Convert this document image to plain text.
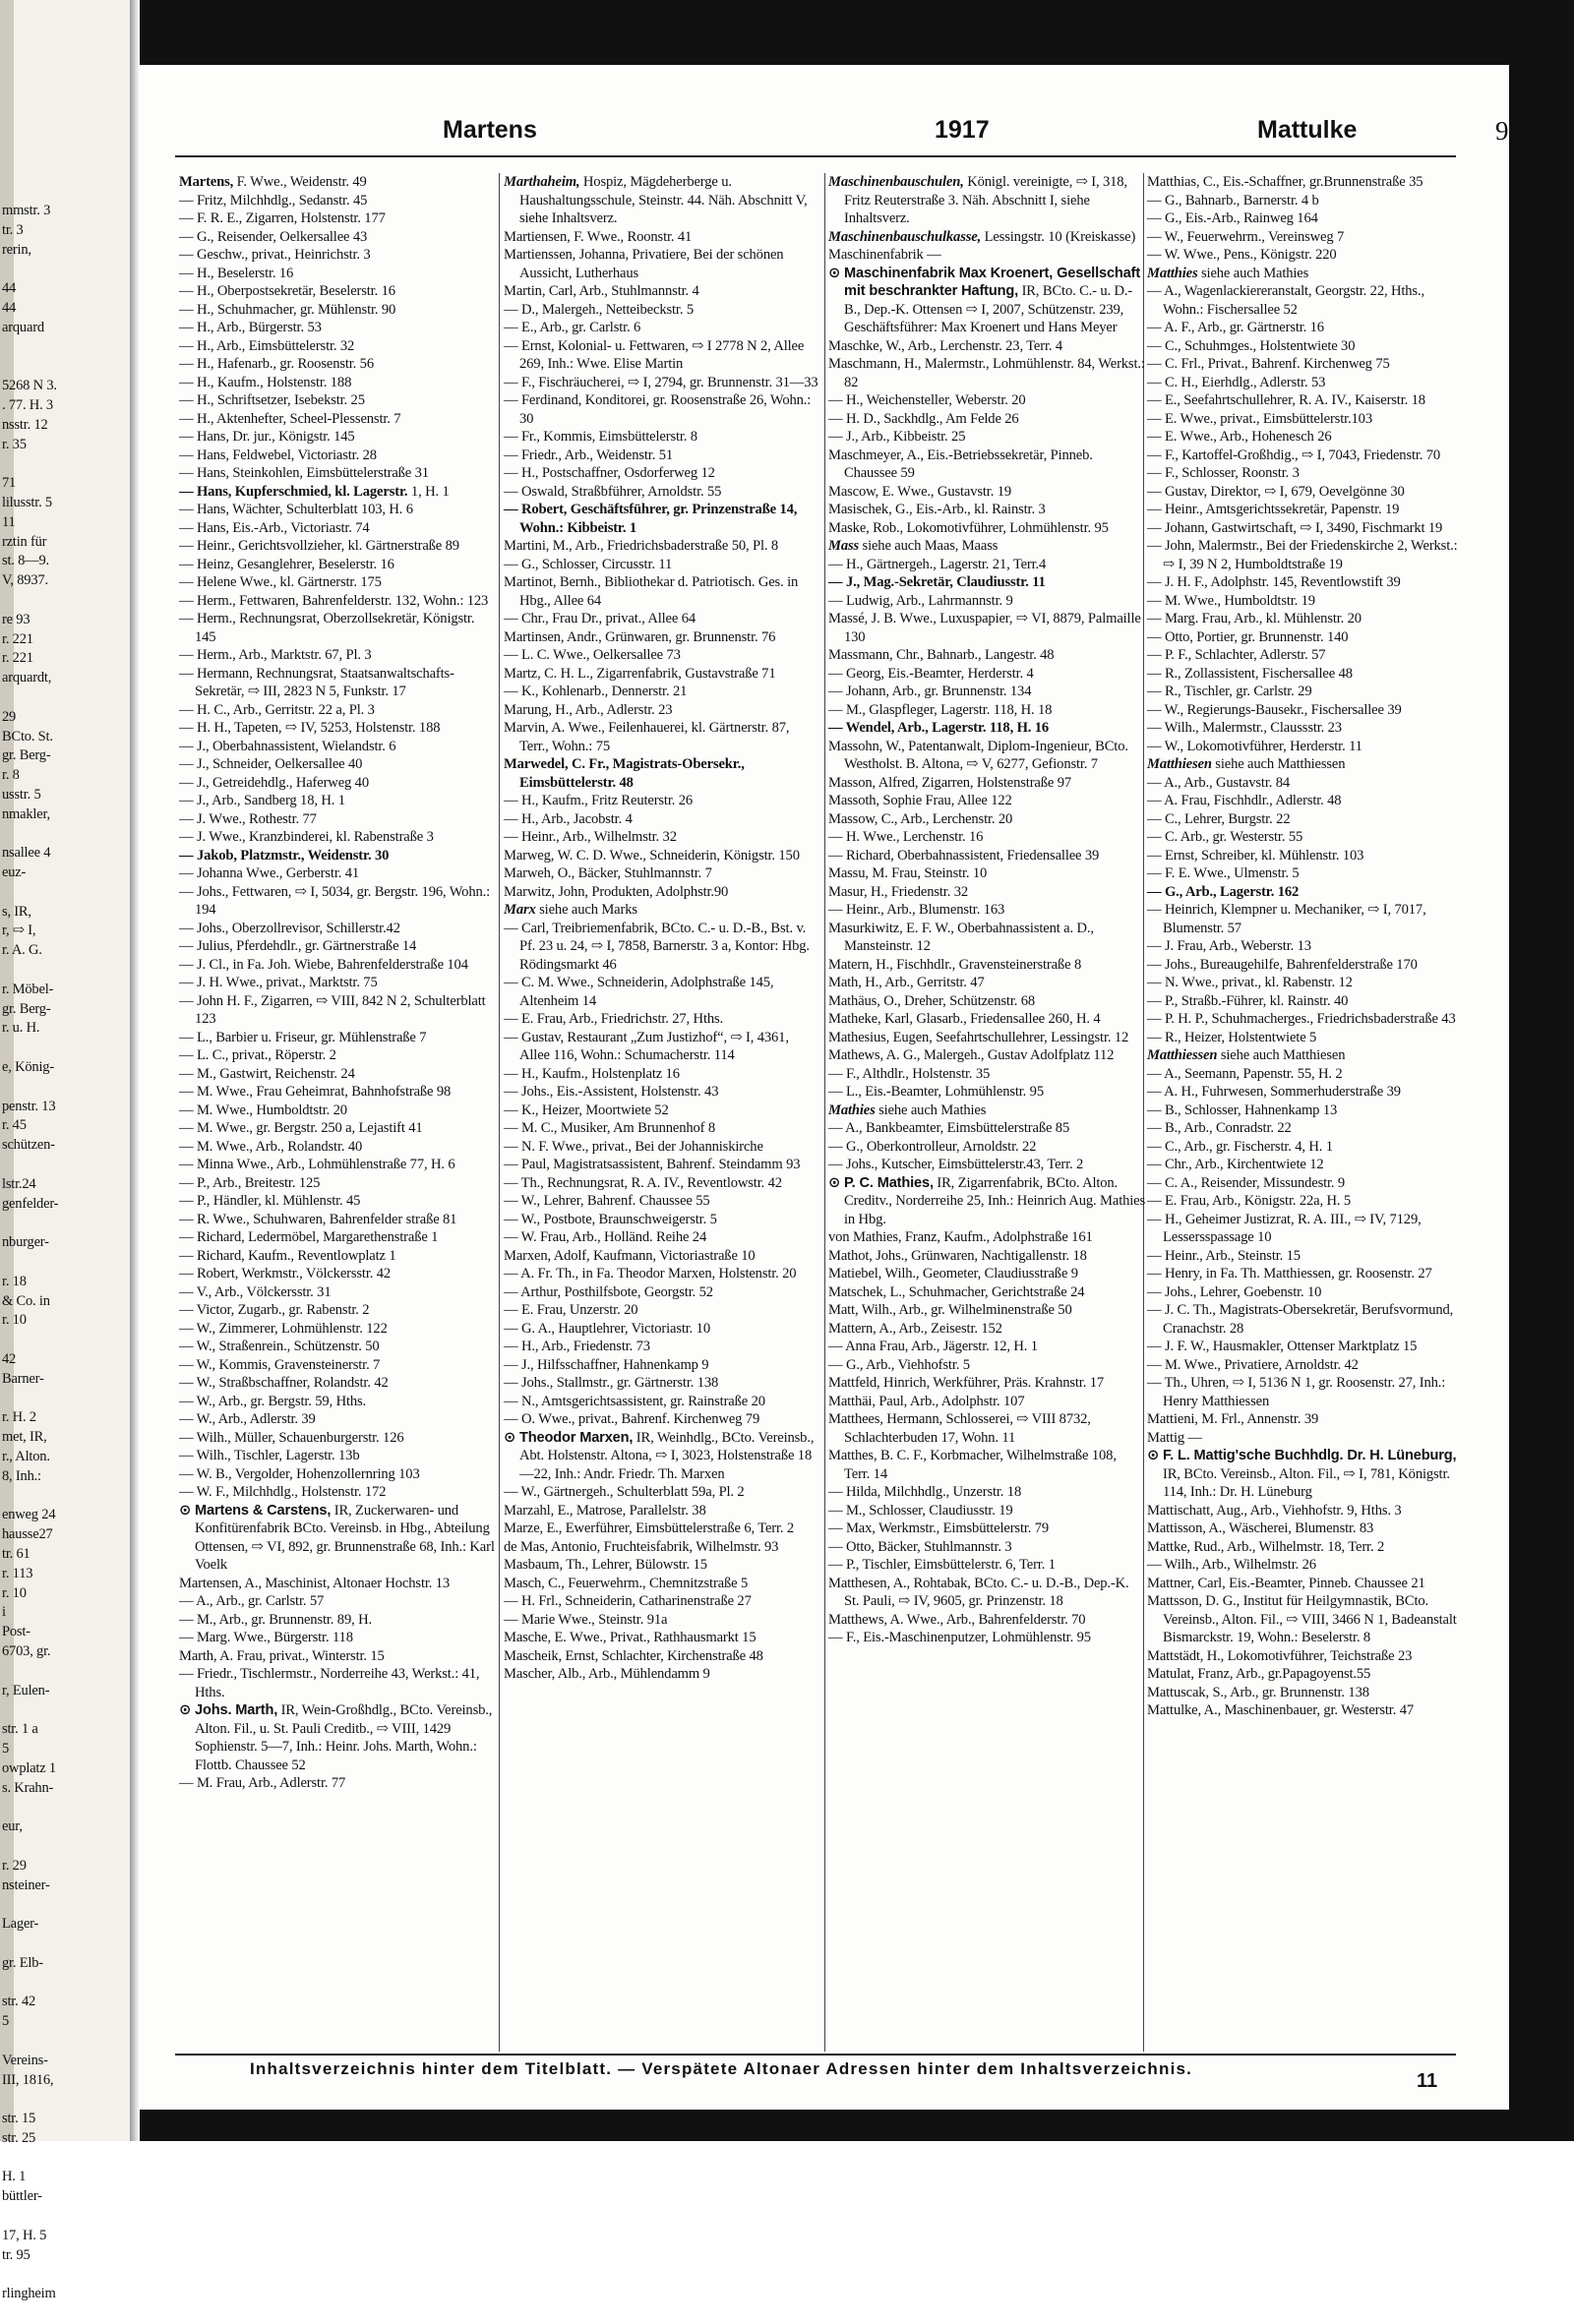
mmstr. 3
tr. 3
rerin,
44
44
arquard
5268 N 3.
. 77. H. 3
nsstr. 12
r. 35
71
lilusstr. 5
11
rztin für
st. 8—9.
V, 8937.
re 93
r. 221
r. 221
arquardt,
29
BCto. St.
gr. Berg-
r. 8
usstr. 5
nmakler,
nsallee 4
euz-
s, IR,
r, ⇨ I,
r. A. G.
r. Möbel-
gr. Berg-
r. u. H.
e, König-
penstr. 13
r. 45
schützen-
lstr.24
genfelder-
nburger-
r. 18
& Co. in
r. 10
42
Barner-
r. H. 2
met, IR,
r., Alton.
8, Inh.:
enweg 24
hausse27
tr. 61
r. 113
r. 10
i
Post-
6703, gr.
r, Eulen-
str. 1 a
5
owplatz 1
s. Krahn-
eur,
r. 29
nsteiner-
Lager-
gr. Elb-
str. 42
5
Vereins-
III, 1816,
str. 15
str. 25
H. 1
büttler-
17, H. 5
tr. 95
rlingheim
Martens	1917	Mattulke	97—II
Martens, F. Wwe., Weidenstr. 49
— Fritz, Milchhdlg., Sedanstr. 45
— F. R. E., Zigarren, Holstenstr. 177
— G., Reisender, Oelkersallee 43
— Geschw., privat., Heinrichstr. 3
— H., Beselerstr. 16
— H., Oberpostsekretär, Beselerstr. 16
— H., Schuhmacher, gr. Mühlenstr. 90
— H., Arb., Bürgerstr. 53
— H., Arb., Eimsbüttelerstr. 32
— H., Hafenarb., gr. Roosenstr. 56
— H., Kaufm., Holstenstr. 188
— H., Schriftsetzer, Isebekstr. 25
— H., Aktenhefter, Scheel-Plessenstr. 7
— Hans, Dr. jur., Königstr. 145
— Hans, Feldwebel, Victoriastr. 28
— Hans, Steinkohlen, Eimsbüttelerstraße 31
— Hans, Kupferschmied, kl. Lagerstr. 1, H. 1
— Hans, Wächter, Schulterblatt 103, H. 6
— Hans, Eis.-Arb., Victoriastr. 74
— Heinr., Gerichtsvollzieher, kl. Gärtnerstraße 89
— Heinz, Gesanglehrer, Beselerstr. 16
— Helene Wwe., kl. Gärtnerstr. 175
— Herm., Fettwaren, Bahrenfelderstr. 132, Wohn.: 123
— Herm., Rechnungsrat, Oberzollsekretär, Königstr. 145
— Herm., Arb., Marktstr. 67, Pl. 3
— Hermann, Rechnungsrat, Staatsanwaltschafts-Sekretär, ⇨ III, 2823 N 5, Funkstr. 17
— H. C., Arb., Gerritstr. 22 a, Pl. 3
— H. H., Tapeten, ⇨ IV, 5253, Holstenstr. 188
— J., Oberbahnassistent, Wielandstr. 6
— J., Schneider, Oelkersallee 40
— J., Getreidehdlg., Haferweg 40
— J., Arb., Sandberg 18, H. 1
— J. Wwe., Rothestr. 77
— J. Wwe., Kranzbinderei, kl. Rabenstraße 3
— Jakob, Platzmstr., Weidenstr. 30
— Johanna Wwe., Gerberstr. 41
— Johs., Fettwaren, ⇨ I, 5034, gr. Bergstr. 196, Wohn.: 194
— Johs., Oberzollrevisor, Schillerstr.42
— Julius, Pferdehdlr., gr. Gärtnerstraße 14
— J. Cl., in Fa. Joh. Wiebe, Bahrenfelderstraße 104
— J. H. Wwe., privat., Marktstr. 75
— John H. F., Zigarren, ⇨ VIII, 842 N 2, Schulterblatt 123
— L., Barbier u. Friseur, gr. Mühlenstraße 7
— L. C., privat., Röperstr. 2
— M., Gastwirt, Reichenstr. 24
— M. Wwe., Frau Geheimrat, Bahnhofstraße 98
— M. Wwe., Humboldtstr. 20
— M. Wwe., gr. Bergstr. 250 a, Lejastift 41
— M. Wwe., Arb., Rolandstr. 40
— Minna Wwe., Arb., Lohmühlenstraße 77, H. 6
— P., Arb., Breitestr. 125
— P., Händler, kl. Mühlenstr. 45
— R. Wwe., Schuhwaren, Bahrenfelder straße 81
— Richard, Ledermöbel, Margarethenstraße 1
— Richard, Kaufm., Reventlowplatz 1
— Robert, Werkmstr., Völckersstr. 42
— V., Arb., Völckersstr. 31
— Victor, Zugarb., gr. Rabenstr. 2
— W., Zimmerer, Lohmühlenstr. 122
— W., Straßenrein., Schützenstr. 50
— W., Kommis, Gravensteinerstr. 7
— W., Straßbschaffner, Rolandstr. 42
— W., Arb., gr. Bergstr. 59, Hths.
— W., Arb., Adlerstr. 39
— Wilh., Müller, Schauenburgerstr. 126
— Wilh., Tischler, Lagerstr. 13b
— W. B., Vergolder, Hohenzollernring 103
— W. F., Milchhdlg., Holstenstr. 172
⊙ Martens & Carstens, IR, Zuckerwaren- und Konfitürenfabrik BCto. Vereinsb. in Hbg., Abteilung Ottensen, ⇨ VI, 892, gr. Brunnenstraße 68, Inh.: Karl Voelk
Martensen, A., Maschinist, Altonaer Hochstr. 13
— A., Arb., gr. Carlstr. 57
— M., Arb., gr. Brunnenstr. 89, H.
— Marg. Wwe., Bürgerstr. 118
Marth, A. Frau, privat., Winterstr. 15
— Friedr., Tischlermstr., Norderreihe 43, Werkst.: 41, Hths.
⊙ Johs. Marth, IR, Wein-Großhdlg., BCto. Vereinsb., Alton. Fil., u. St. Pauli Creditb., ⇨ VIII, 1429 Sophienstr. 5—7, Inh.: Heinr. Johs. Marth, Wohn.: Flottb. Chaussee 52
— M. Frau, Arb., Adlerstr. 77
Marthaheim, Hospiz, Mägdeherberge u. Haushaltungsschule, Steinstr. 44. Näh. Abschnitt V, siehe Inhaltsverz.
Martiensen, F. Wwe., Roonstr. 41
Martienssen, Johanna, Privatiere, Bei der schönen Aussicht, Lutherhaus
Martin, Carl, Arb., Stuhlmannstr. 4
— D., Malergeh., Netteibeckstr. 5
— E., Arb., gr. Carlstr. 6
— Ernst, Kolonial- u. Fettwaren, ⇨ I 2778 N 2, Allee 269, Inh.: Wwe. Elise Martin
— F., Fischräucherei, ⇨ I, 2794, gr. Brunnenstr. 31—33
— Ferdinand, Konditorei, gr. Roosenstraße 26, Wohn.: 30
— Fr., Kommis, Eimsbüttelerstr. 8
— Friedr., Arb., Weidenstr. 51
— H., Postschaffner, Osdorferweg 12
— Oswald, Straßbführer, Arnoldstr. 55
— Robert, Geschäftsführer, gr. Prinzenstraße 14, Wohn.: Kibbeistr. 1
Martini, M., Arb., Friedrichsbaderstraße 50, Pl. 8
— G., Schlosser, Circusstr. 11
Martinot, Bernh., Bibliothekar d. Patriotisch. Ges. in Hbg., Allee 64
— Chr., Frau Dr., privat., Allee 64
Martinsen, Andr., Grünwaren, gr. Brunnenstr. 76
— L. C. Wwe., Oelkersallee 73
Martz, C. H. L., Zigarrenfabrik, Gustavstraße 71
— K., Kohlenarb., Dennerstr. 21
Marung, H., Arb., Adlerstr. 23
Marvin, A. Wwe., Feilenhauerei, kl. Gärtnerstr. 87, Terr., Wohn.: 75
Marwedel, C. Fr., Magistrats-Obersekr., Eimsbüttelerstr. 48
— H., Kaufm., Fritz Reuterstr. 26
— H., Arb., Jacobstr. 4
— Heinr., Arb., Wilhelmstr. 32
Marweg, W. C. D. Wwe., Schneiderin, Königstr. 150
Marweh, O., Bäcker, Stuhlmannstr. 7
Marwitz, John, Produkten, Adolphstr.90
Marx siehe auch Marks
— Carl, Treibriemenfabrik, BCto. C.- u. D.-B., Bst. v. Pf. 23 u. 24, ⇨ I, 7858, Barnerstr. 3 a, Kontor: Hbg. Rödingsmarkt 46
— C. M. Wwe., Schneiderin, Adolphstraße 145, Altenheim 14
— E. Frau, Arb., Friedrichstr. 27, Hths.
— Gustav, Restaurant „Zum Justizhof“, ⇨ I, 4361, Allee 116, Wohn.: Schumacherstr. 114
— H., Kaufm., Holstenplatz 16
— Johs., Eis.-Assistent, Holstenstr. 43
— K., Heizer, Moortwiete 52
— M. C., Musiker, Am Brunnenhof 8
— N. F. Wwe., privat., Bei der Johanniskirche
— Paul, Magistratsassistent, Bahrenf. Steindamm 93
— Th., Rechnungsrat, R. A. IV., Reventlowstr. 42
— W., Lehrer, Bahrenf. Chaussee 55
— W., Postbote, Braunschweigerstr. 5
— W. Frau, Arb., Holländ. Reihe 24
Marxen, Adolf, Kaufmann, Victoriastraße 10
— A. Fr. Th., in Fa. Theodor Marxen, Holstenstr. 20
— Arthur, Posthilfsbote, Georgstr. 52
— E. Frau, Unzerstr. 20
— G. A., Hauptlehrer, Victoriastr. 10
— H., Arb., Friedenstr. 73
— J., Hilfsschaffner, Hahnenkamp 9
— Johs., Stallmstr., gr. Gärtnerstr. 138
— N., Amtsgerichtsassistent, gr. Rainstraße 20
— O. Wwe., privat., Bahrenf. Kirchenweg 79
⊙ Theodor Marxen, IR, Weinhdlg., BCto. Vereinsb., Abt. Holstenstr. Altona, ⇨ I, 3023, Holstenstraße 18—22, Inh.: Andr. Friedr. Th. Marxen
— W., Gärtnergeh., Schulterblatt 59a, Pl. 2
Marzahl, E., Matrose, Parallelstr. 38
Marze, E., Ewerführer, Eimsbüttelerstraße 6, Terr. 2
de Mas, Antonio, Fruchteisfabrik, Wilhelmstr. 93
Masbaum, Th., Lehrer, Bülowstr. 15
Masch, C., Feuerwehrm., Chemnitzstraße 5
— H. Frl., Schneiderin, Catharinenstraße 27
— Marie Wwe., Steinstr. 91a
Masche, E. Wwe., Privat., Rathhausmarkt 15
Mascheik, Ernst, Schlachter, Kirchenstraße 48
Mascher, Alb., Arb., Mühlendamm 9
Maschinenbauschulen, Königl. vereinigte, ⇨ I, 318, Fritz Reuterstraße 3. Näh. Abschnitt I, siehe Inhaltsverz.
Maschinenbauschulkasse, Lessingstr. 10 (Kreiskasse)
Maschinenfabrik —
⊙ Maschinenfabrik Max Kroenert, Gesellschaft mit beschrankter Haftung, IR, BCto. C.- u. D.-B., Dep.-K. Ottensen ⇨ I, 2007, Schützenstr. 239, Geschäftsführer: Max Kroenert und Hans Meyer
Maschke, W., Arb., Lerchenstr. 23, Terr. 4
Maschmann, H., Malermstr., Lohmühlenstr. 84, Werkst.: 82
— H., Weichensteller, Weberstr. 20
— H. D., Sackhdlg., Am Felde 26
— J., Arb., Kibbeistr. 25
Maschmeyer, A., Eis.-Betriebssekretär, Pinneb. Chaussee 59
Mascow, E. Wwe., Gustavstr. 19
Masischek, G., Eis.-Arb., kl. Rainstr. 3
Maske, Rob., Lokomotivführer, Lohmühlenstr. 95
Mass siehe auch Maas, Maass
— H., Gärtnergeh., Lagerstr. 21, Terr.4
— J., Mag.-Sekretär, Claudiusstr. 11
— Ludwig, Arb., Lahrmannstr. 9
Massé, J. B. Wwe., Luxuspapier, ⇨ VI, 8879, Palmaille 130
Massmann, Chr., Bahnarb., Langestr. 48
— Georg, Eis.-Beamter, Herderstr. 4
— Johann, Arb., gr. Brunnenstr. 134
— M., Glaspfleger, Lagerstr. 118, H. 18
— Wendel, Arb., Lagerstr. 118, H. 16
Massohn, W., Patentanwalt, Diplom-Ingenieur, BCto. Westholst. B. Altona, ⇨ V, 6277, Gefionstr. 7
Masson, Alfred, Zigarren, Holstenstraße 97
Massoth, Sophie Frau, Allee 122
Massow, C., Arb., Lerchenstr. 20
— H. Wwe., Lerchenstr. 16
— Richard, Oberbahnassistent, Friedensallee 39
Massu, M. Frau, Steinstr. 10
Masur, H., Friedenstr. 32
— Heinr., Arb., Blumenstr. 163
Masurkiwitz, E. F. W., Oberbahnassistent a. D., Mansteinstr. 12
Matern, H., Fischhdlr., Gravensteinerstraße 8
Math, H., Arb., Gerritstr. 47
Mathäus, O., Dreher, Schützenstr. 68
Matheke, Karl, Glasarb., Friedensallee 260, H. 4
Mathesius, Eugen, Seefahrtschullehrer, Lessingstr. 12
Mathews, A. G., Malergeh., Gustav Adolfplatz 112
— F., Althdlr., Holstenstr. 35
— L., Eis.-Beamter, Lohmühlenstr. 95
Mathies siehe auch Mathies
— A., Bankbeamter, Eimsbüttelerstraße 85
— G., Oberkontrolleur, Arnoldstr. 22
— Johs., Kutscher, Eimsbüttelerstr.43, Terr. 2
⊙ P. C. Mathies, IR, Zigarrenfabrik, BCto. Alton. Creditv., Norderreihe 25, Inh.: Heinrich Aug. Mathies in Hbg.
von Mathies, Franz, Kaufm., Adolphstraße 161
Mathot, Johs., Grünwaren, Nachtigallenstr. 18
Matiebel, Wilh., Geometer, Claudiusstraße 9
Matschek, L., Schuhmacher, Gerichtstraße 24
Matt, Wilh., Arb., gr. Wilhelminenstraße 50
Mattern, A., Arb., Zeisestr. 152
— Anna Frau, Arb., Jägerstr. 12, H. 1
— G., Arb., Viehhofstr. 5
Mattfeld, Hinrich, Werkführer, Präs. Krahnstr. 17
Matthäi, Paul, Arb., Adolphstr. 107
Matthees, Hermann, Schlosserei, ⇨ VIII 8732, Schlachterbuden 17, Wohn. 11
Matthes, B. C. F., Korbmacher, Wilhelmstraße 108, Terr. 14
— Hilda, Milchhdlg., Unzerstr. 18
— M., Schlosser, Claudiusstr. 19
— Max, Werkmstr., Eimsbüttelerstr. 79
— Otto, Bäcker, Stuhlmannstr. 3
— P., Tischler, Eimsbüttelerstr. 6, Terr. 1
Matthesen, A., Rohtabak, BCto. C.- u. D.-B., Dep.-K. St. Pauli, ⇨ IV, 9605, gr. Prinzenstr. 18
Matthews, A. Wwe., Arb., Bahrenfelderstr. 70
— F., Eis.-Maschinenputzer, Lohmühlenstr. 95
Matthias, C., Eis.-Schaffner, gr.Brunnenstraße 35
— G., Bahnarb., Barnerstr. 4 b
— G., Eis.-Arb., Rainweg 164
— W., Feuerwehrm., Vereinsweg 7
— W. Wwe., Pens., Königstr. 220
Matthies siehe auch Mathies
— A., Wagenlackiereranstalt, Georgstr. 22, Hths., Wohn.: Fischersallee 52
— A. F., Arb., gr. Gärtnerstr. 16
— C., Schuhmges., Holstentwiete 30
— C. Frl., Privat., Bahrenf. Kirchenweg 75
— C. H., Eierhdlg., Adlerstr. 53
— E., Seefahrtschullehrer, R. A. IV., Kaiserstr. 18
— E. Wwe., privat., Eimsbüttelerstr.103
— E. Wwe., Arb., Hohenesch 26
— F., Kartoffel-Großhdig., ⇨ I, 7043, Friedenstr. 70
— F., Schlosser, Roonstr. 3
— Gustav, Direktor, ⇨ I, 679, Oevelgönne 30
— Heinr., Amtsgerichtssekretär, Papenstr. 19
— Johann, Gastwirtschaft, ⇨ I, 3490, Fischmarkt 19
— John, Malermstr., Bei der Friedenskirche 2, Werkst.: ⇨ I, 39 N 2, Humboldtstraße 19
— J. H. F., Adolphstr. 145, Reventlowstift 39
— M. Wwe., Humboldtstr. 19
— Marg. Frau, Arb., kl. Mühlenstr. 20
— Otto, Portier, gr. Brunnenstr. 140
— P. F., Schlachter, Adlerstr. 57
— R., Zollassistent, Fischersallee 48
— R., Tischler, gr. Carlstr. 29
— W., Regierungs-Bausekr., Fischersallee 39
— Wilh., Malermstr., Claussstr. 23
— W., Lokomotivführer, Herderstr. 11
Matthiesen siehe auch Matthiessen
— A., Arb., Gustavstr. 84
— A. Frau, Fischhdlr., Adlerstr. 48
— C., Lehrer, Burgstr. 22
— C. Arb., gr. Westerstr. 55
— Ernst, Schreiber, kl. Mühlenstr. 103
— F. E. Wwe., Ulmenstr. 5
— G., Arb., Lagerstr. 162
— Heinrich, Klempner u. Mechaniker, ⇨ I, 7017, Blumenstr. 57
— J. Frau, Arb., Weberstr. 13
— Johs., Bureaugehilfe, Bahrenfelderstraße 170
— N. Wwe., privat., kl. Rabenstr. 12
— P., Straßb.-Führer, kl. Rainstr. 40
— P. H. P., Schuhmacherges., Friedrichsbaderstraße 43
— R., Heizer, Holstentwiete 5
Matthiessen siehe auch Matthiesen
— A., Seemann, Papenstr. 55, H. 2
— A. H., Fuhrwesen, Sommerhuderstraße 39
— B., Schlosser, Hahnenkamp 13
— B., Arb., Conradstr. 22
— C., Arb., gr. Fischerstr. 4, H. 1
— Chr., Arb., Kirchentwiete 12
— C. A., Reisender, Missundestr. 9
— E. Frau, Arb., Königstr. 22a, H. 5
— H., Geheimer Justizrat, R. A. III., ⇨ IV, 7129, Lessersspassage 10
— Heinr., Arb., Steinstr. 15
— Henry, in Fa. Th. Matthiessen, gr. Roosenstr. 27
— Johs., Lehrer, Goebenstr. 10
— J. C. Th., Magistrats-Obersekretär, Berufsvormund, Cranachstr. 28
— J. F. W., Hausmakler, Ottenser Marktplatz 15
— M. Wwe., Privatiere, Arnoldstr. 42
— Th., Uhren, ⇨ I, 5136 N 1, gr. Roosenstr. 27, Inh.: Henry Matthiessen
Mattieni, M. Frl., Annenstr. 39
Mattig —
⊙ F. L. Mattig'sche Buchhdlg. Dr. H. Lüneburg, IR, BCto. Vereinsb., Alton. Fil., ⇨ I, 781, Königstr. 114, Inh.: Dr. H. Lüneburg
Mattischatt, Aug., Arb., Viehhofstr. 9, Hths. 3
Mattisson, A., Wäscherei, Blumenstr. 83
Mattke, Rud., Arb., Wilhelmstr. 18, Terr. 2
— Wilh., Arb., Wilhelmstr. 26
Mattner, Carl, Eis.-Beamter, Pinneb. Chaussee 21
Mattsson, D. G., Institut für Heilgymnastik, BCto. Vereinsb., Alton. Fil., ⇨ VIII, 3466 N 1, Badeanstalt Bismarckstr. 19, Wohn.: Beselerstr. 8
Mattstädt, H., Lokomotivführer, Teichstraße 23
Matulat, Franz, Arb., gr.Papagoyenst.55
Mattuscak, S., Arb., gr. Brunnenstr. 138
Mattulke, A., Maschinenbauer, gr. Westerstr. 47
Inhaltsverzeichnis hinter dem Titelblatt. — Verspätete Altonaer Adressen hinter dem Inhaltsverzeichnis.
11
